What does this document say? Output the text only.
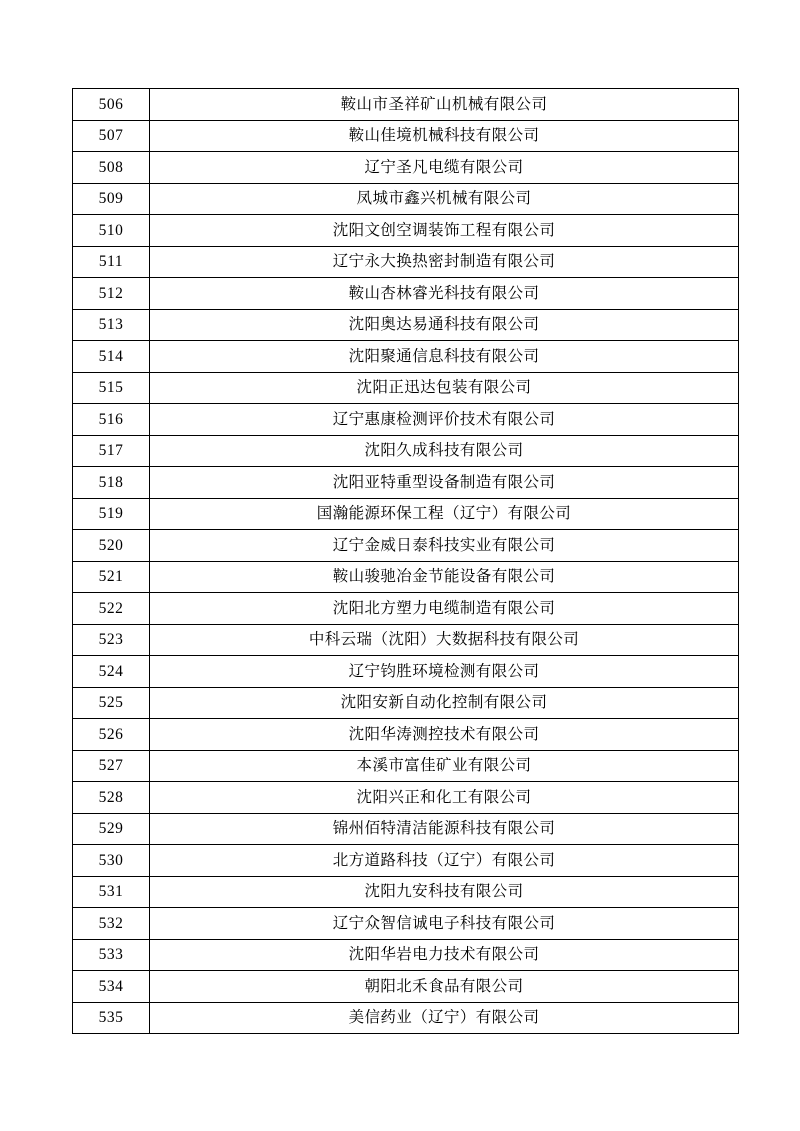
506	鞍山市圣祥矿山机械有限公司
507	鞍山佳境机械科技有限公司
508	辽宁圣凡电缆有限公司
509	凤城市鑫兴机械有限公司
510	沈阳文创空调装饰工程有限公司
511	辽宁永大换热密封制造有限公司
512	鞍山杏林睿光科技有限公司
513	沈阳奥达易通科技有限公司
514	沈阳聚通信息科技有限公司
515	沈阳正迅达包装有限公司
516	辽宁惠康检测评价技术有限公司
517	沈阳久成科技有限公司
518	沈阳亚特重型设备制造有限公司
519	国瀚能源环保工程（辽宁）有限公司
520	辽宁金威日泰科技实业有限公司
521	鞍山骏驰冶金节能设备有限公司
522	沈阳北方塑力电缆制造有限公司
523	中科云瑞（沈阳）大数据科技有限公司
524	辽宁钧胜环境检测有限公司
525	沈阳安新自动化控制有限公司
526	沈阳华涛测控技术有限公司
527	本溪市富佳矿业有限公司
528	沈阳兴正和化工有限公司
529	锦州佰特清洁能源科技有限公司
530	北方道路科技（辽宁）有限公司
531	沈阳九安科技有限公司
532	辽宁众智信诚电子科技有限公司
533	沈阳华岩电力技术有限公司
534	朝阳北禾食品有限公司
535	美信药业（辽宁）有限公司
